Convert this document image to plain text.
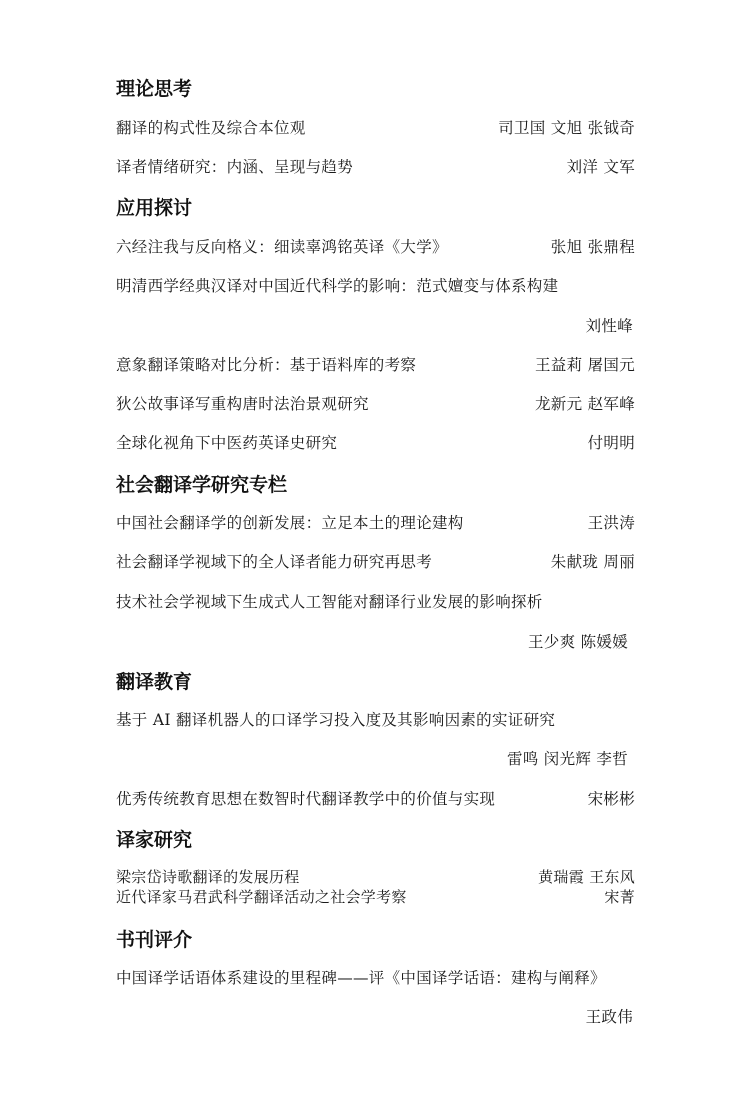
理论思考
翻译的构式性及综合本位观	司卫国 文旭 张钺奇
译者情绪研究：内涵、呈现与趋势	刘洋 文军
应用探讨
六经注我与反向格义：细读辜鸿铭英译《大学》	张旭 张鼎程
明清西学经典汉译对中国近代科学的影响：范式嬗变与体系构建
刘性峰
意象翻译策略对比分析：基于语料库的考察	王益莉 屠国元
狄公故事译写重构唐时法治景观研究	龙新元 赵军峰
全球化视角下中医药英译史研究	付明明
社会翻译学研究专栏
中国社会翻译学的创新发展：立足本土的理论建构	王洪涛
社会翻译学视域下的全人译者能力研究再思考	朱献珑 周丽
技术社会学视域下生成式人工智能对翻译行业发展的影响探析
王少爽 陈媛媛
翻译教育
基于 AI 翻译机器人的口译学习投入度及其影响因素的实证研究
雷鸣 闵光辉 李哲
优秀传统教育思想在数智时代翻译教学中的价值与实现	宋彬彬
译家研究
梁宗岱诗歌翻译的发展历程	黄瑞霞 王东风
近代译家马君武科学翻译活动之社会学考察	宋菁
书刊评介
中国译学话语体系建设的里程碑——评《中国译学话语：建构与阐释》
王政伟
